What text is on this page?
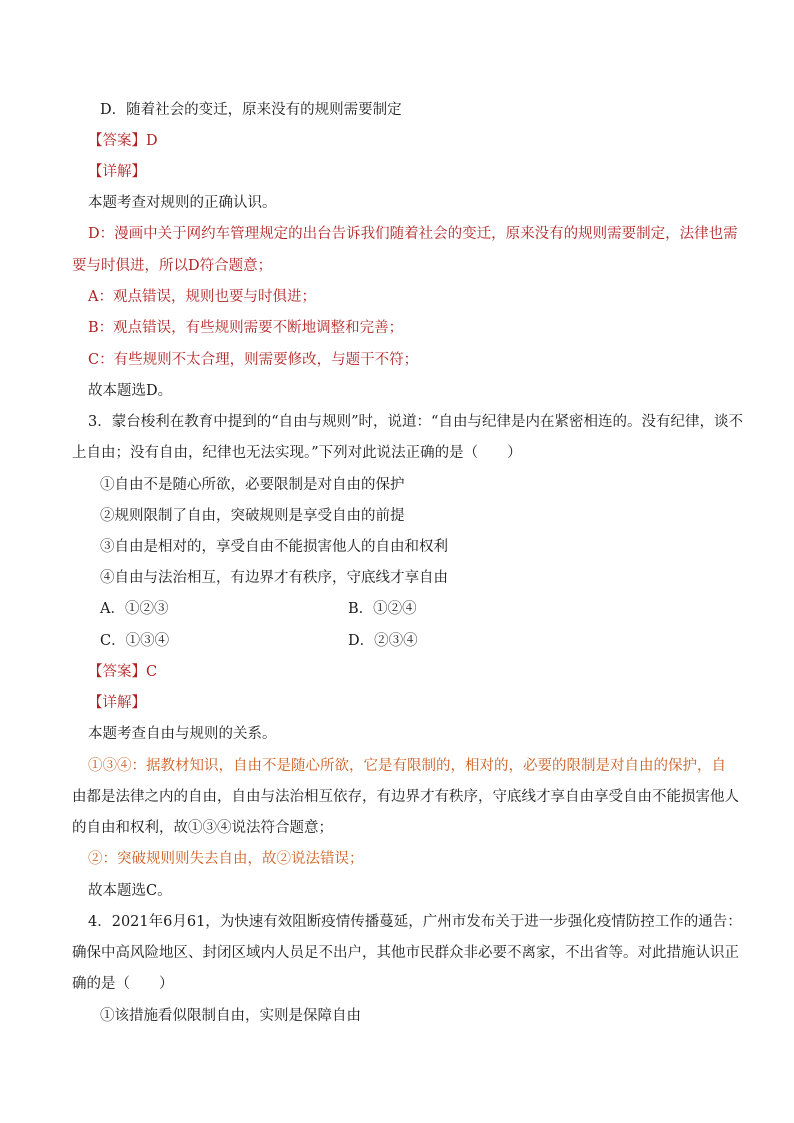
D．随着社会的变迁，原来没有的规则需要制定
【答案】D
【详解】
本题考查对规则的正确认识。
D：漫画中关于网约车管理规定的出台告诉我们随着社会的变迁，原来没有的规则需要制定，法律也需
要与时俱进，所以D符合题意；
A：观点错误，规则也要与时俱进；
B：观点错误，有些规则需要不断地调整和完善；
C：有些规则不太合理，则需要修改，与题干不符；
故本题选D。
3．蒙台梭利在教育中提到的“自由与规则”时，说道：“自由与纪律是内在紧密相连的。没有纪律，谈不
上自由；没有自由，纪律也无法实现。”下列对此说法正确的是（　　）
①自由不是随心所欲，必要限制是对自由的保护
②规则限制了自由，突破规则是享受自由的前提
③自由是相对的，享受自由不能损害他人的自由和权利
④自由与法治相互，有边界才有秩序，守底线才享自由
A．①②③	B．①②④
C．①③④	D．②③④
【答案】C
【详解】
本题考查自由与规则的关系。
①③④：据教材知识，自由不是随心所欲，它是有限制的，相对的，必要的限制是对自由的保护，自
由都是法律之内的自由，自由与法治相互依存，有边界才有秩序，守底线才享自由享受自由不能损害他人
的自由和权利，故①③④说法符合题意；
②：突破规则则失去自由，故②说法错误；
故本题选C。
4．2021年6月61，为快速有效阻断疫情传播蔓延，广州市发布关于进一步强化疫情防控工作的通告：
确保中高风险地区、封闭区域内人员足不出户，其他市民群众非必要不离家，不出省等。对此措施认识正
确的是（　　）
①该措施看似限制自由，实则是保障自由
